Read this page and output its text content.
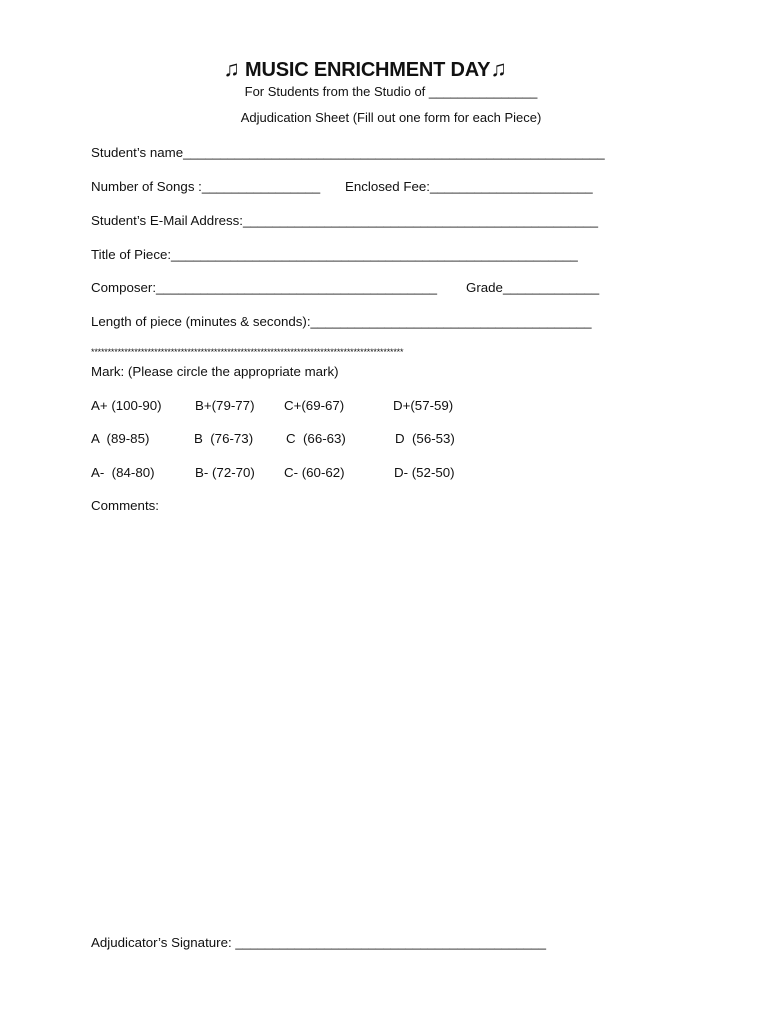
♫ MUSIC ENRICHMENT DAY♫
For Students from the Studio of _______________
Adjudication Sheet (Fill out one form for each Piece)
Student’s name_________________________________________________________
Number of Songs :________________ Enclosed Fee:______________________
Student’s E-Mail Address:________________________________________________
Title of Piece:_______________________________________________________
Composer:______________________________________ Grade_____________
Length of piece (minutes & seconds):______________________________________
**********************************************************************************************
Mark: (Please circle the appropriate mark)
A+ (100-90)	B+(79-77) C+(69-67)	D+(57-59)
A  (89-85)	B  (76-73) C  (66-63)	D  (56-53)
A-  (84-80)	B- (72-70) C- (60-62)	D- (52-50)
Comments:
Adjudicator’s Signature: __________________________________________
